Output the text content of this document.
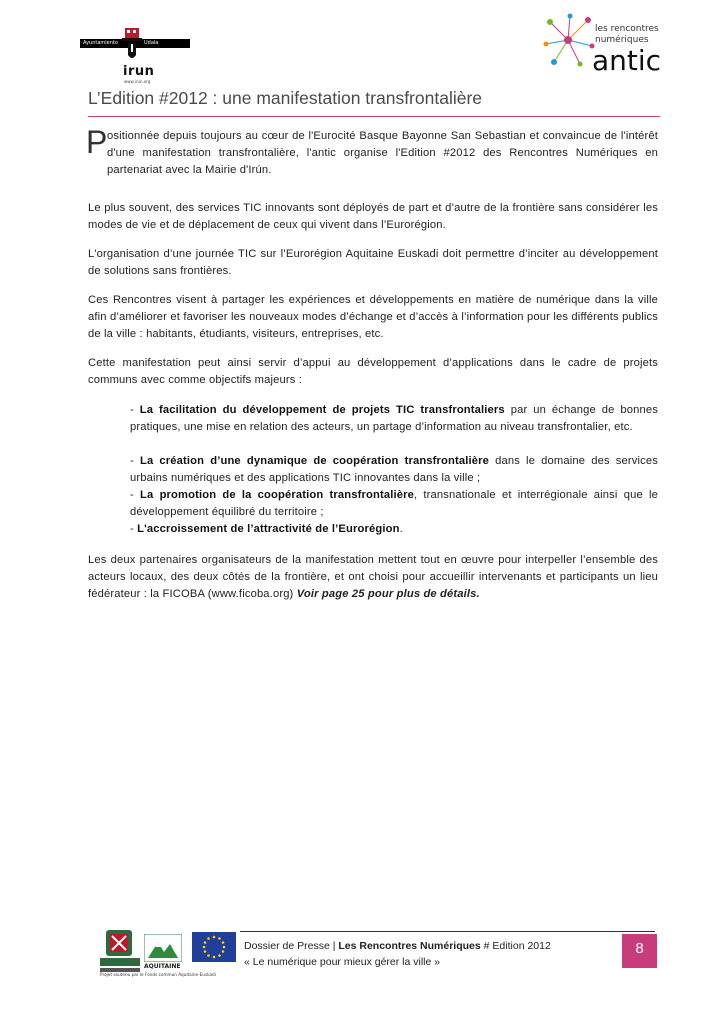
Ayuntamiento	Udala
irun
www.irun.org
les rencontres
numériques
antic
L’Edition #2012 : une manifestation transfrontalière
P ositionnée depuis toujours au cœur de l'Eurocité Basque Bayonne San Sebastian et convaincue de l'intérêt d'une manifestation transfrontalière, l'antic organise l'Edition #2012 des Rencontres Numériques en partenariat avec la Mairie d'Irún.
Le plus souvent, des services TIC innovants sont déployés de part et d’autre de la frontière sans considérer les modes de vie et de déplacement de ceux qui vivent dans l’Eurorégion.
L'organisation d’une journée TIC sur l’Eurorégion Aquitaine Euskadi doit permettre d’inciter au développement de solutions sans frontières.
Ces Rencontres visent à partager les expériences et développements en matière de numérique dans la ville afin d’améliorer et favoriser les nouveaux modes d’échange et d’accès à l’information pour les différents publics de la ville : habitants, étudiants, visiteurs, entreprises, etc.
Cette manifestation peut ainsi servir d’appui au développement d’applications dans le cadre de projets communs avec comme objectifs majeurs :
- La facilitation du développement de projets TIC transfrontaliers par un échange de bonnes pratiques, une mise en relation des acteurs, un partage d’information au niveau transfrontalier, etc.
- La création d’une dynamique de coopération transfrontalière dans le domaine des services urbains numériques et des applications TIC innovantes dans la ville ;
- La promotion de la coopération transfrontalière, transnationale et interrégionale ainsi que le développement équilibré du territoire ;
- L'accroissement de l’attractivité de l’Eurorégion.
Les deux partenaires organisateurs de la manifestation mettent tout en œuvre pour interpeller l’ensemble des acteurs locaux, des deux côtés de la frontière, et ont choisi pour accueillir intervenants et participants un lieu fédérateur : la FICOBA (www.ficoba.org) Voir page 25 pour plus de détails.
AQUITAINE
Projet soutenu par le Fonds commun Aquitaine-Euskadi
Dossier de Presse | Les Rencontres Numériques # Edition 2012
« Le numérique pour mieux gérer la ville »
8
